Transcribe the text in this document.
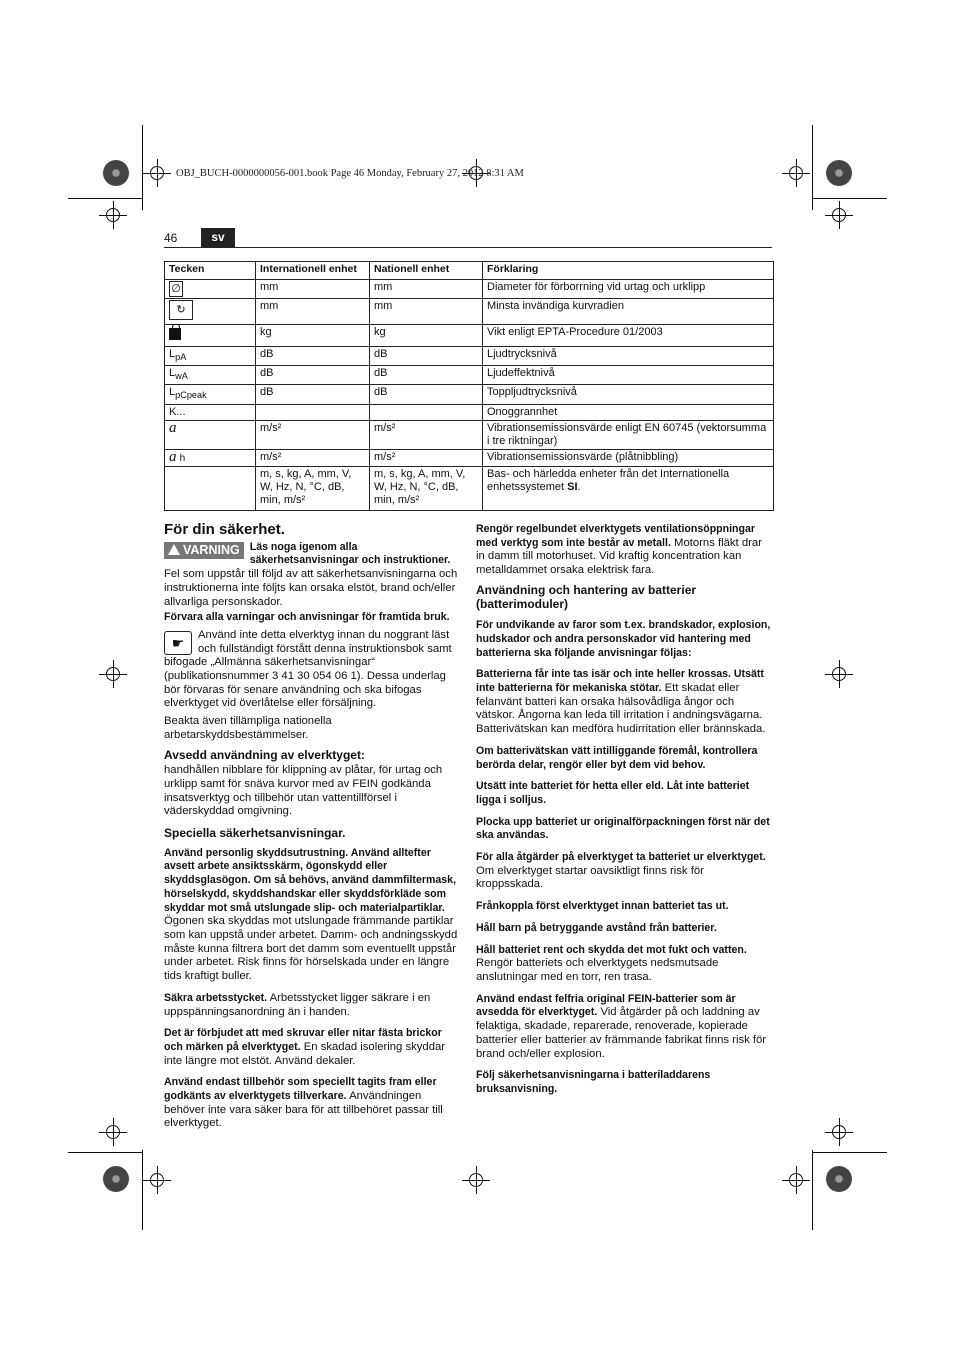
OBJ_BUCH-0000000056-001.book Page 46 Monday, February 27, 2012 8:31 AM
46	sv
Tecken	Internationell enhet	Nationell enhet	Förklaring
∅	mm	mm	Diameter för förborrning vid urtag och urklipp
↻	mm	mm	Minsta invändiga kurvradien
	kg	kg	Vikt enligt EPTA-Procedure 01/2003
$L_{pA}$	dB	dB	Ljudtrycksnivå
$L_{wA}$	dB	dB	Ljudeffektnivå
$L_{pCpeak}$	dB	dB	Toppljudtrycksnivå
K...			Onoggrannhet
a	m/s²	m/s²	Vibrationsemissionsvärde enligt EN 60745 (vektorsumma i tre riktningar)
a h	m/s²	m/s²	Vibrationsemissionsvärde (plåtnibbling)
	m, s, kg, A, mm, V, W, Hz, N, °C, dB, min, m/s²	m, s, kg, A, mm, V, W, Hz, N, °C, dB, min, m/s²	Bas- och härledda enheter från det Internationella enhetssystemet SI.
För din säkerhet.

VARNING Läs noga igenom alla säkerhetsanvisningar och instruktioner. Fel som uppstår till följd av att säkerhetsanvisningarna och instruktionerna inte följts kan orsaka elstöt, brand och/eller allvarliga personskador.

Förvara alla varningar och anvisningar för framtida bruk.

☛	Använd inte detta elverktyg innan du noggrant läst och fullständigt förstått denna instruktionsbok samt bifogade „Allmänna säkerhetsanvisningar“ (publikationsnummer 3 41 30 054 06 1). Dessa underlag bör förvaras för senare användning och ska bifogas elverktyget vid överlåtelse eller försäljning.

Beakta även tillämpliga nationella arbetarskyddsbestämmelser.

Avsedd användning av elverktyget:

handhållen nibblare för klippning av plåtar, för urtag och urklipp samt för snäva kurvor med av FEIN godkända insatsverktyg och tillbehör utan vattentillförsel i väderskyddad omgivning.

Speciella säkerhetsanvisningar.

Använd personlig skyddsutrustning. Använd alltefter avsett arbete ansiktsskärm, ögonskydd eller skyddsglasögon. Om så behövs, använd dammfiltermask, hörselskydd, skyddshandskar eller skyddsförkläde som skyddar mot små utslungade slip- och materialpartiklar. Ögonen ska skyddas mot utslungade främmande partiklar som kan uppstå under arbetet. Damm- och andningsskydd måste kunna filtrera bort det damm som eventuellt uppstår under arbetet. Risk finns för hörselskada under en längre tids kraftigt buller.

Säkra arbetsstycket. Arbetsstycket ligger säkrare i en uppspänningsanordning än i handen.

Det är förbjudet att med skruvar eller nitar fästa brickor och märken på elverktyget. En skadad isolering skyddar inte längre mot elstöt. Använd dekaler.

Använd endast tillbehör som speciellt tagits fram eller godkänts av elverktygets tillverkare. Användningen behöver inte vara säker bara för att tillbehöret passar till elverktyget.

Rengör regelbundet elverktygets ventilationsöppningar med verktyg som inte består av metall. Motorns fläkt drar in damm till motorhuset. Vid kraftig koncentration kan metalldammet orsaka elektrisk fara.

Användning och hantering av batterier (batterimoduler)

För undvikande av faror som t.ex. brandskador, explosion, hudskador och andra personskador vid hantering med batterierna ska följande anvisningar följas:

Batterierna får inte tas isär och inte heller krossas. Utsätt inte batterierna för mekaniska stötar. Ett skadat eller felanvänt batteri kan orsaka hälsovådliga ångor och vätskor. Ångorna kan leda till irritation i andningsvägarna. Batterivätskan kan medföra hudirritation eller brännskada.

Om batterivätskan vätt intilliggande föremål, kontrollera berörda delar, rengör eller byt dem vid behov.

Utsätt inte batteriet för hetta eller eld. Låt inte batteriet ligga i solljus.

Plocka upp batteriet ur originalförpackningen först när det ska användas.

För alla åtgärder på elverktyget ta batteriet ur elverktyget. Om elverktyget startar oavsiktligt finns risk för kroppsskada.

Frånkoppla först elverktyget innan batteriet tas ut.

Håll barn på betryggande avstånd från batterier.

Håll batteriet rent och skydda det mot fukt och vatten. Rengör batteriets och elverktygets nedsmutsade anslutningar med en torr, ren trasa.

Använd endast felfria original FEIN-batterier som är avsedda för elverktyget. Vid åtgärder på och laddning av felaktiga, skadade, reparerade, renoverade, kopierade batterier eller batterier av främmande fabrikat finns risk för brand och/eller explosion.

Följ säkerhetsanvisningarna i batteriladdarens bruksanvisning.
